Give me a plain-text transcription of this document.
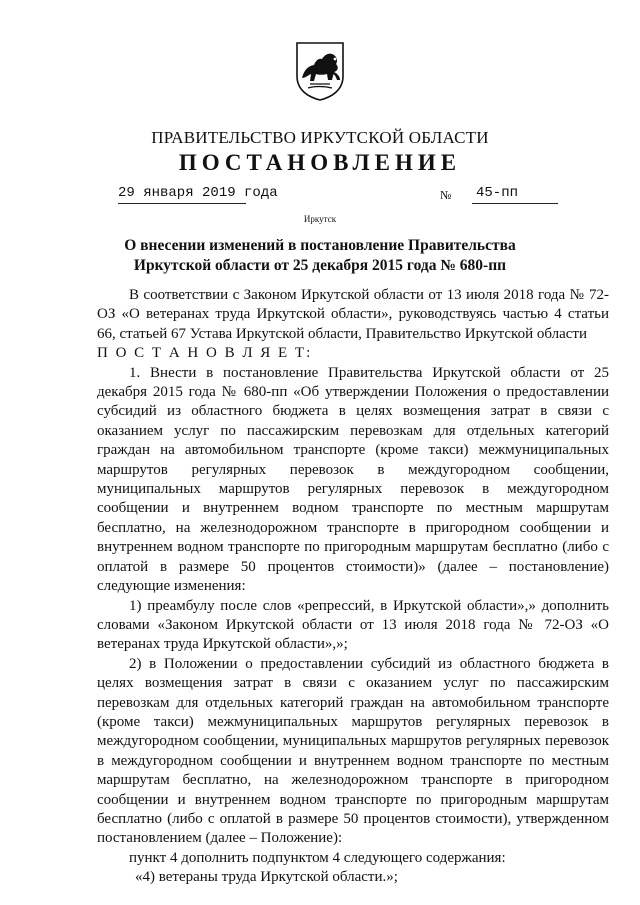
ПРАВИТЕЛЬСТВО ИРКУТСКОЙ ОБЛАСТИ
ПОСТАНОВЛЕНИЕ
29 января 2019 года	№ 45-пп
Иркутск
О внесении изменений в постановление Правительства Иркутской области от 25 декабря 2015 года № 680-пп

В соответствии с Законом Иркутской области от 13 июля 2018 года № 72-ОЗ «О ветеранах труда Иркутской области», руководствуясь частью 4 статьи 66, статьей 67 Устава Иркутской области, Правительство Иркутской области

П О С Т А Н О В Л Я Е Т:

1. Внести в постановление Правительства Иркутской области от 25 декабря 2015 года № 680-пп «Об утверждении Положения о предоставлении субсидий из областного бюджета в целях возмещения затрат в связи с оказанием услуг по пассажирским перевозкам для отдельных категорий граждан на автомобильном транспорте (кроме такси) межмуниципальных маршрутов регулярных перевозок в междугородном сообщении, муниципальных маршрутов регулярных перевозок в междугородном сообщении и внутреннем водном транспорте по местным маршрутам бесплатно, на железнодорожном транспорте в пригородном сообщении и внутреннем водном транспорте по пригородным маршрутам бесплатно (либо с оплатой в размере 50 процентов стоимости)» (далее – постановление) следующие изменения:

1) преамбулу после слов «репрессий, в Иркутской области»,» дополнить словами «Законом Иркутской области от 13 июля 2018 года № 72-ОЗ «О ветеранах труда Иркутской области»,»;

2) в Положении о предоставлении субсидий из областного бюджета в целях возмещения затрат в связи с оказанием услуг по пассажирским перевозкам для отдельных категорий граждан на автомобильном транспорте (кроме такси) межмуниципальных маршрутов регулярных перевозок в междугородном сообщении, муниципальных маршрутов регулярных перевозок в междугородном сообщении и внутреннем водном транспорте по местным маршрутам бесплатно, на железнодорожном транспорте в пригородном сообщении и внутреннем водном транспорте по пригородным маршрутам бесплатно (либо с оплатой в размере 50 процентов стоимости), утвержденном постановлением (далее – Положение):

пункт 4 дополнить подпунктом 4 следующего содержания:

«4) ветераны труда Иркутской области.»;
